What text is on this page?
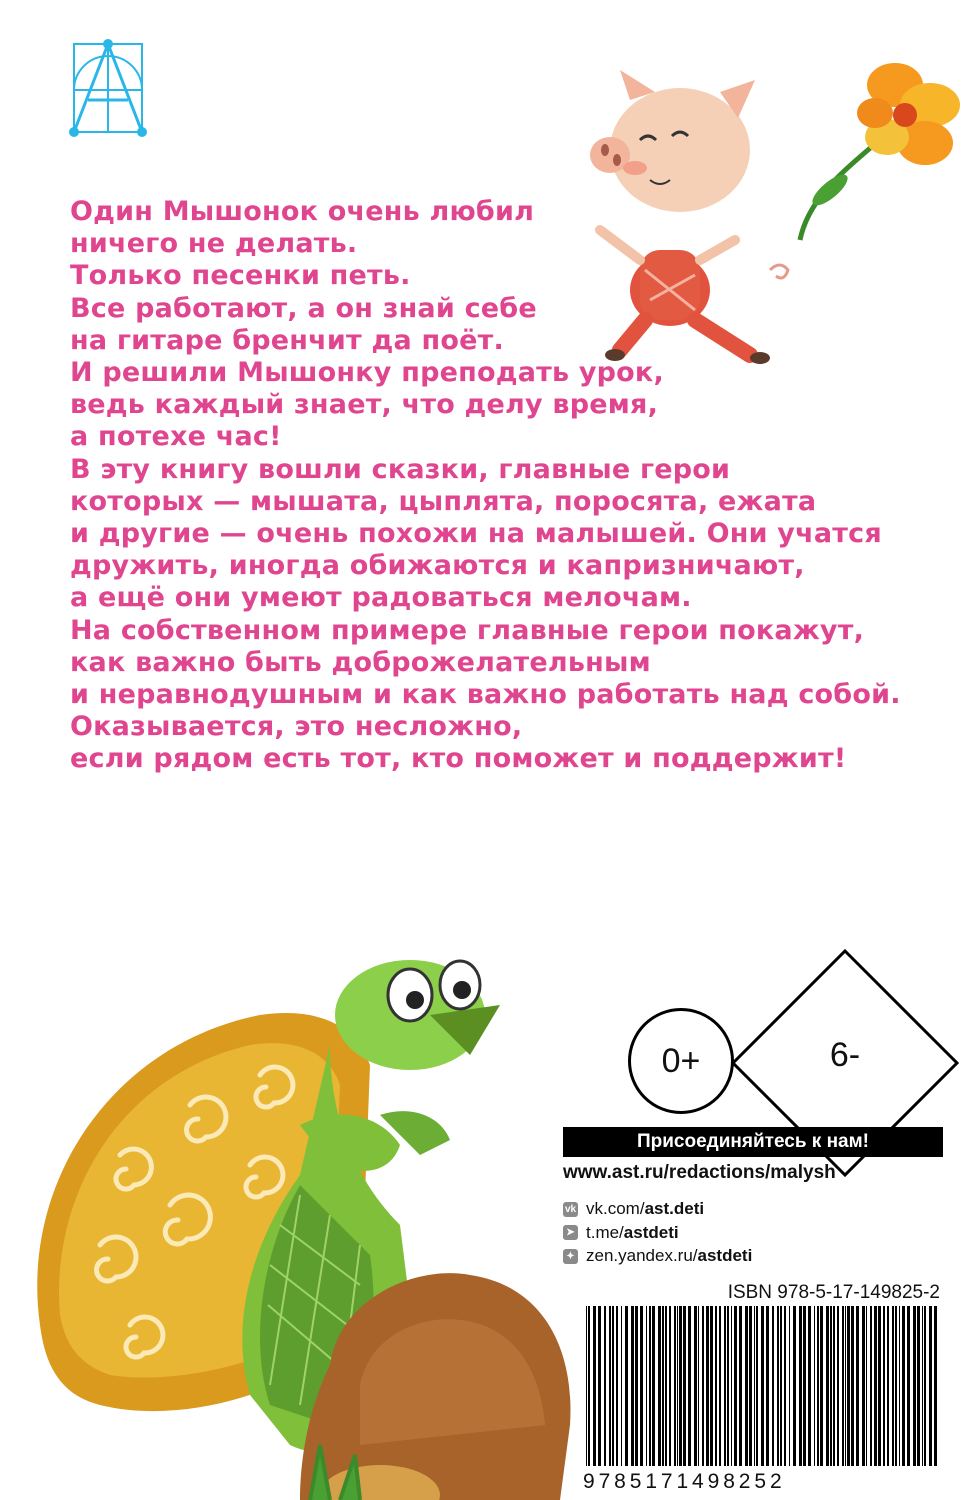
Один Мышонок очень любил
ничего не делать.
Только песенки петь.
Все работают, а он знай себе
на гитаре бренчит да поёт.
И решили Мышонку преподать урок,
ведь каждый знает, что делу время,
а потехе час!
В эту книгу вошли сказки, главные герои
которых — мышата, цыплята, поросята, ежата
и другие — очень похожи на малышей. Они учатся
дружить, иногда обижаются и капризничают,
а ещё они умеют радоваться мелочам.
На собственном примере главные герои покажут,
как важно быть доброжелательным
и неравнодушным и как важно работать над собой.
Оказывается, это несложно,
если рядом есть тот, кто поможет и поддержит!
0+	6-
Присоединяйтесь к нам!
www.ast.ru/redactions/malysh
vk vk.com/ ast.deti
➤ t.me/ astdeti
✦ zen.yandex.ru/ astdeti
ISBN 978-5-17-149825-2
9785171498252
